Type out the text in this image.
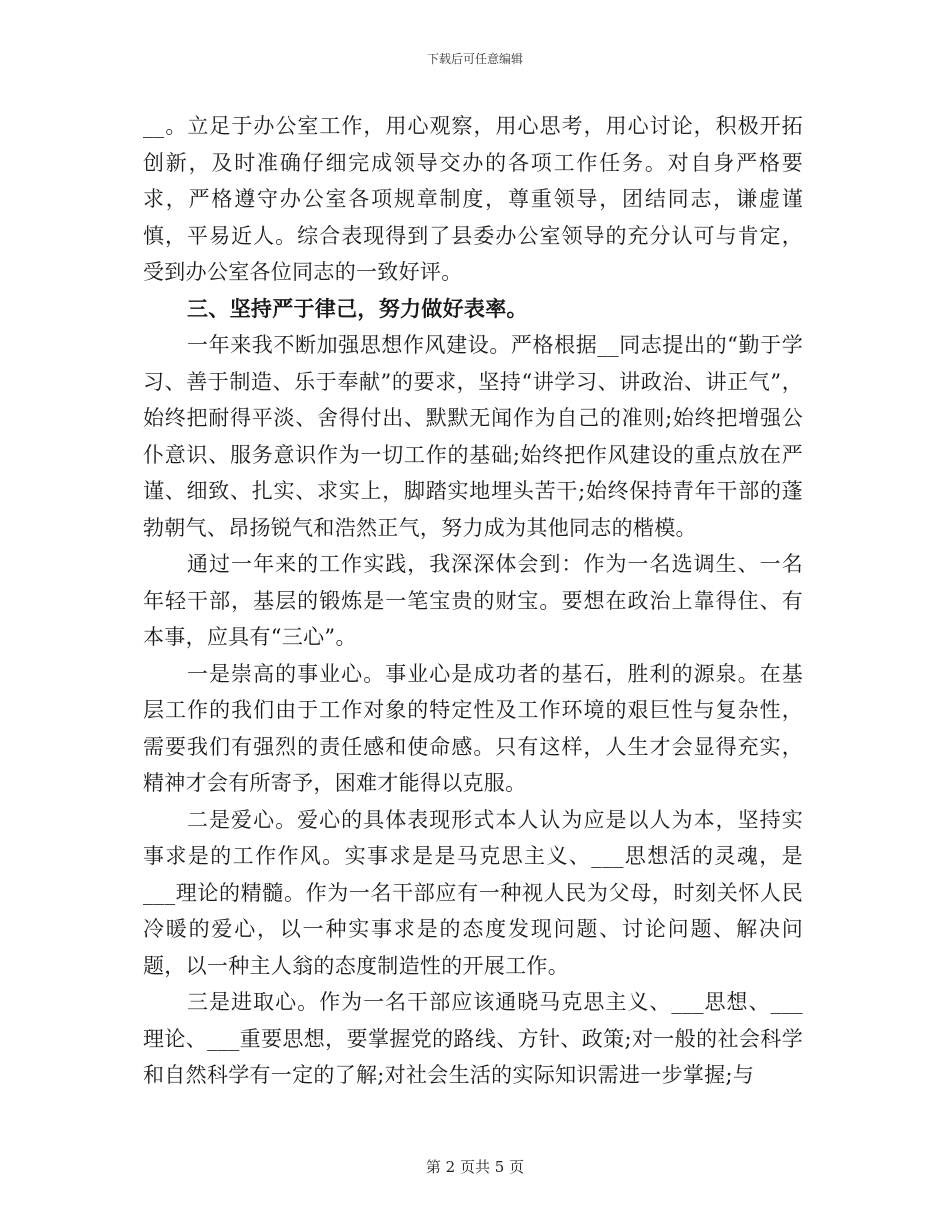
下载后可任意编辑

__。立足于办公室工作，用心观察，用心思考，用心讨论，积极开拓创新，及时准确仔细完成领导交办的各项工作任务。对自身严格要求，严格遵守办公室各项规章制度，尊重领导，团结同志，谦虚谨慎，平易近人。综合表现得到了县委办公室领导的充分认可与肯定，受到办公室各位同志的一致好评。

三、坚持严于律己，努力做好表率。

一年来我不断加强思想作风建设。严格根据__同志提出的“勤于学习、善于制造、乐于奉献”的要求，坚持“讲学习、讲政治、讲正气”，始终把耐得平淡、舍得付出、默默无闻作为自己的准则;始终把增强公仆意识、服务意识作为一切工作的基础;始终把作风建设的重点放在严谨、细致、扎实、求实上，脚踏实地埋头苦干;始终保持青年干部的蓬勃朝气、昂扬锐气和浩然正气，努力成为其他同志的楷模。

通过一年来的工作实践，我深深体会到：作为一名选调生、一名年轻干部，基层的锻炼是一笔宝贵的财宝。要想在政治上靠得住、有本事，应具有“三心”。

一是崇高的事业心。事业心是成功者的基石，胜利的源泉。在基层工作的我们由于工作对象的特定性及工作环境的艰巨性与复杂性，需要我们有强烈的责任感和使命感。只有这样，人生才会显得充实，精神才会有所寄予，困难才能得以克服。

二是爱心。爱心的具体表现形式本人认为应是以人为本，坚持实事求是的工作作风。实事求是是马克思主义、___思想活的灵魂，是___理论的精髓。作为一名干部应有一种视人民为父母，时刻关怀人民冷暖的爱心，以一种实事求是的态度发现问题、讨论问题、解决问题，以一种主人翁的态度制造性的开展工作。

三是进取心。作为一名干部应该通晓马克思主义、___思想、___理论、___重要思想，要掌握党的路线、方针、政策;对一般的社会科学和自然科学有一定的了解;对社会生活的实际知识需进一步掌握;与

第 2 页共 5 页
